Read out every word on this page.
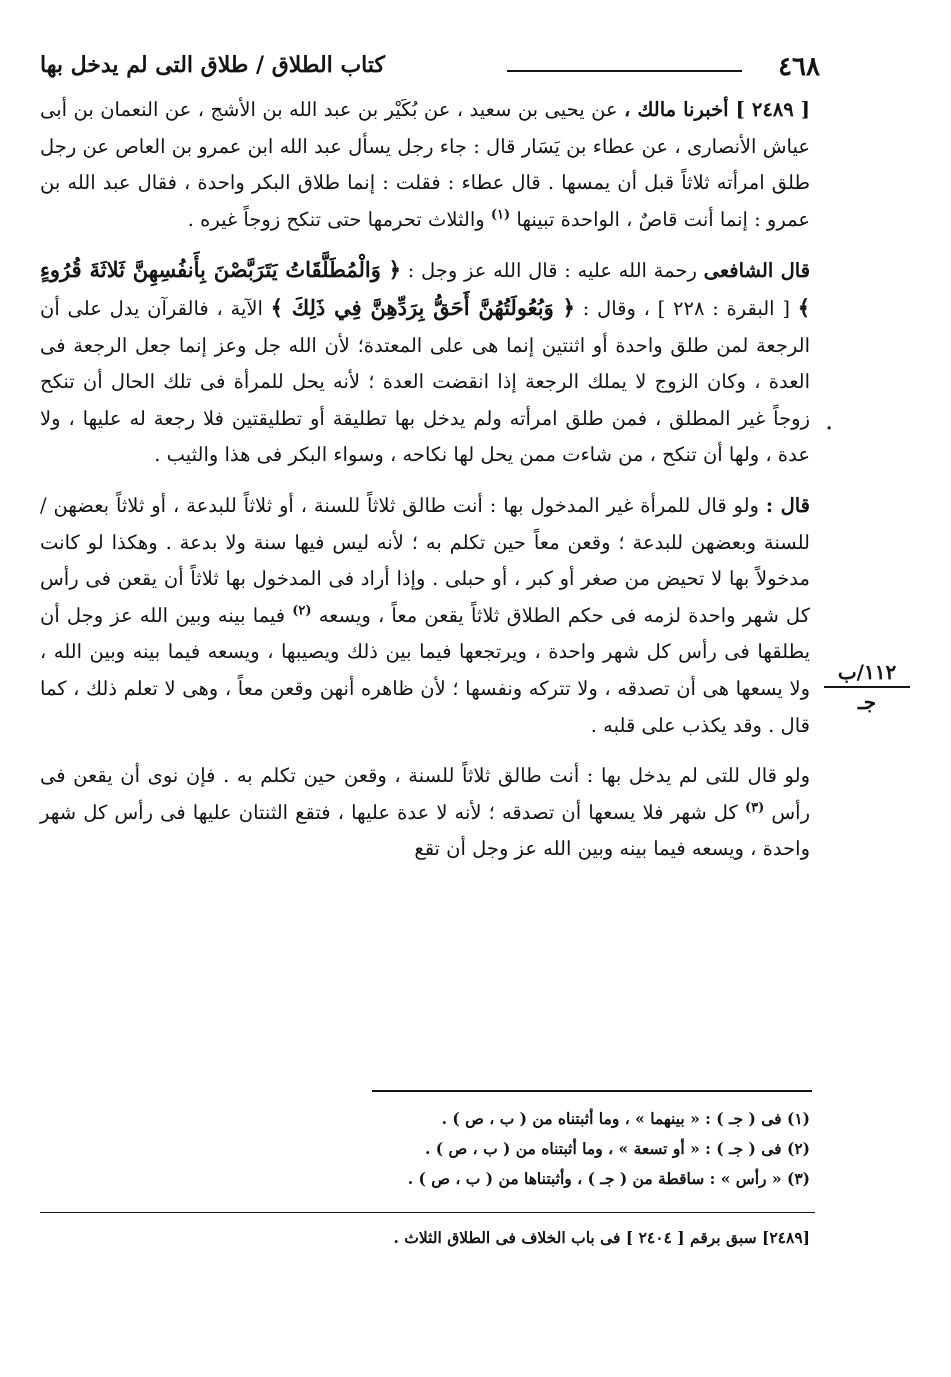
٤٦٨
كتاب الطلاق / طلاق التى لم يدخل بها

[ ٢٤٨٩ ] أخبرنا مالك ، عن يحيى بن سعيد ، عن بُكَيْر بن عبد الله بن الأشج ، عن النعمان بن أبى عياش الأنصارى ، عن عطاء بن يَسَار قال : جاء رجل يسأل عبد الله ابن عمرو بن العاص عن رجل طلق امرأته ثلاثاً قبل أن يمسها . قال عطاء : فقلت : إنما طلاق البكر واحدة ، فقال عبد الله بن عمرو : إنما أنت قاصٌ ، الواحدة تبينها $^{(١)}$ والثلاث تحرمها حتى تنكح زوجاً غيره .

قال الشافعى رحمة الله عليه : قال الله عز وجل : ﴿ وَالْمُطَلَّقَاتُ يَتَرَبَّصْنَ بِأَنفُسِهِنَّ ثَلاثَةَ قُرُوءٍ ﴾ [ البقرة : ٢٢٨ ] ، وقال : ﴿ وَبُعُولَتُهُنَّ أَحَقُّ بِرَدِّهِنَّ فِي ذَلِكَ ﴾ الآية ، فالقرآن يدل على أن الرجعة لمن طلق واحدة أو اثنتين إنما هى على المعتدة؛ لأن الله جل وعز إنما جعل الرجعة فى العدة ، وكان الزوج لا يملك الرجعة إذا انقضت العدة ؛ لأنه يحل للمرأة فى تلك الحال أن تنكح زوجاً غير المطلق ، فمن طلق امرأته ولم يدخل بها تطليقة أو تطليقتين فلا رجعة له عليها ، ولا عدة ، ولها أن تنكح ، من شاءت ممن يحل لها نكاحه ، وسواء البكر فى هذا والثيب .

قال : ولو قال للمرأة غير المدخول بها : أنت طالق ثلاثاً للسنة ، أو ثلاثاً للبدعة ، أو ثلاثاً بعضهن / للسنة وبعضهن للبدعة ؛ وقعن معاً حين تكلم به ؛ لأنه ليس فيها سنة ولا بدعة . وهكذا لو كانت مدخولاً بها لا تحيض من صغر أو كبر ، أو حبلى . وإذا أراد فى المدخول بها ثلاثاً أن يقعن فى رأس كل شهر واحدة لزمه فى حكم الطلاق ثلاثاً يقعن معاً ، ويسعه $^{(٢)}$ فيما بينه وبين الله عز وجل أن يطلقها فى رأس كل شهر واحدة ، ويرتجعها فيما بين ذلك ويصيبها ، ويسعه فيما بينه وبين الله ، ولا يسعها هى أن تصدقه ، ولا تتركه ونفسها ؛ لأن ظاهره أنهن وقعن معاً ، وهى لا تعلم ذلك ، كما قال . وقد يكذب على قلبه .

ولو قال للتى لم يدخل بها : أنت طالق ثلاثاً للسنة ، وقعن حين تكلم به . فإن نوى أن يقعن فى رأس $^{(٣)}$ كل شهر فلا يسعها أن تصدقه ؛ لأنه لا عدة عليها ، فتقع الثنتان عليها فى رأس كل شهر واحدة ، ويسعه فيما بينه وبين الله عز وجل أن تقع

·
١١٢/ب
جـ

(١) فى ( جـ ) : « بينهما » ، وما أثبتناه من ( ب ، ص ) .

(٢) فى ( جـ ) : « أو تسعة » ، وما أثبتناه من ( ب ، ص ) .

(٣) « رأس » : ساقطة من ( جـ ) ، وأثبتناها من ( ب ، ص ) .

[٢٤٨٩] سبق برقم [ ٢٤٠٤ ] فى باب الخلاف فى الطلاق الثلاث .
